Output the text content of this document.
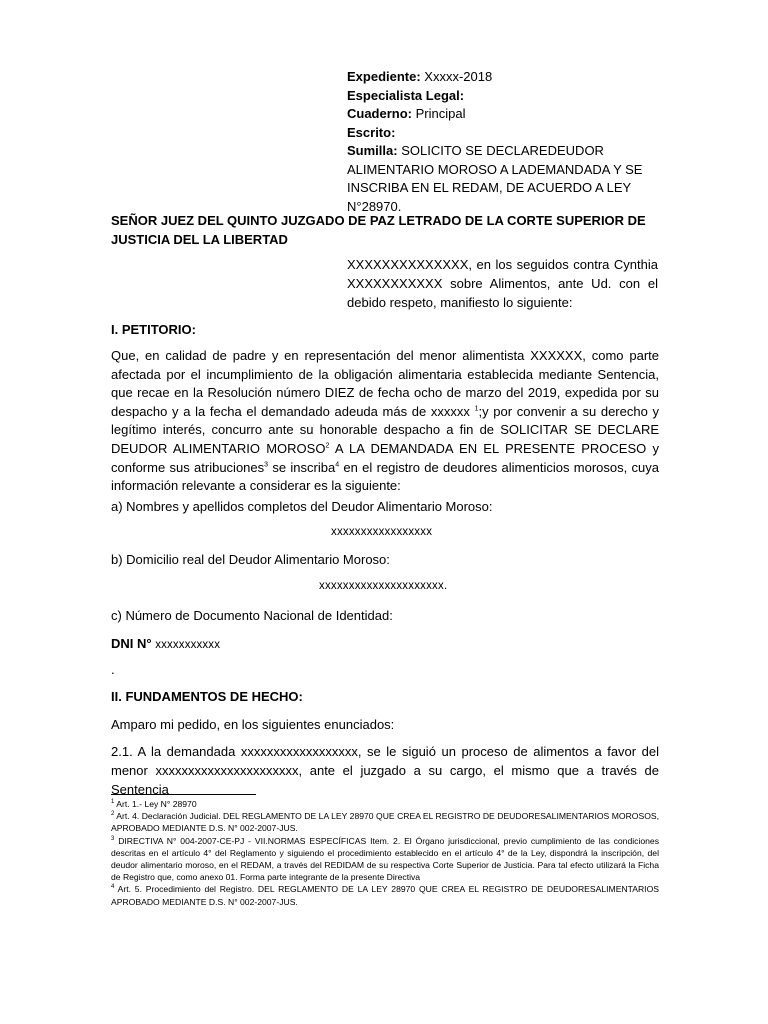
Expediente: Xxxxx-2018
Especialista Legal:
Cuaderno: Principal
Escrito:
Sumilla: SOLICITO SE DECLAREDEUDOR ALIMENTARIO MOROSO A LADEMANDADA Y SE INSCRIBA EN EL REDAM, DE ACUERDO A LEY N°28970.
SEÑOR JUEZ DEL QUINTO JUZGADO DE PAZ LETRADO DE LA CORTE SUPERIOR DE JUSTICIA DEL LA LIBERTAD
XXXXXXXXXXXXXX, en los seguidos contra Cynthia XXXXXXXXXXX sobre Alimentos, ante Ud. con el debido respeto, manifiesto lo siguiente:
I. PETITORIO:
Que, en calidad de padre y en representación del menor alimentista XXXXXX, como parte afectada por el incumplimiento de la obligación alimentaria establecida mediante Sentencia, que recae en la Resolución número DIEZ de fecha ocho de marzo del 2019, expedida por su despacho y a la fecha el demandado adeuda más de xxxxxx $^1$;y por convenir a su derecho y legítimo interés, concurro ante su honorable despacho a fin de SOLICITAR SE DECLARE DEUDOR ALIMENTARIO MOROSO$^2$ A LA DEMANDADA EN EL PRESENTE PROCESO y conforme sus atribuciones$^3$ se inscriba$^4$ en el registro de deudores alimenticios morosos, cuya información relevante a considerar es la siguiente:
a) Nombres y apellidos completos del Deudor Alimentario Moroso:
xxxxxxxxxxxxxxxxx
b) Domicilio real del Deudor Alimentario Moroso:
xxxxxxxxxxxxxxxxxxxxx.
c) Número de Documento Nacional de Identidad:
DNI N° xxxxxxxxxxx
.
II. FUNDAMENTOS DE HECHO:
Amparo mi pedido, en los siguientes enunciados:
2.1. A la demandada xxxxxxxxxxxxxxxxxx, se le siguió un proceso de alimentos a favor del menor xxxxxxxxxxxxxxxxxxxxxx, ante el juzgado a su cargo, el mismo que a través de Sentencia

$^1$ Art. 1.- Ley N° 28970

$^2$ Art. 4. Declaración Judicial. DEL REGLAMENTO DE LA LEY 28970 QUE CREA EL REGISTRO DE DEUDORESALIMENTARIOS MOROSOS, APROBADO MEDIANTE D.S. N° 002-2007-JUS.

$^3$ DIRECTIVA N° 004-2007-CE-PJ - VII.NORMAS ESPECÍFICAS Item. 2. El Órgano jurisdiccional, previo cumplimiento de las condiciones descritas en el artículo 4° del Reglamento y siguiendo el procedimiento establecido en el artículo 4° de la Ley, dispondrá la inscripción, del deudor alimentario moroso, en el REDAM, a través del REDIDAM de su respectiva Corte Superior de Justicia. Para tal efecto utilizará la Ficha de Registro que, como anexo 01. Forma parte integrante de la presente Directiva

$^4$ Art. 5. Procedimiento del Registro. DEL REGLAMENTO DE LA LEY 28970 QUE CREA EL REGISTRO DE DEUDORESALIMENTARIOS APROBADO MEDIANTE D.S. N° 002-2007-JUS.
